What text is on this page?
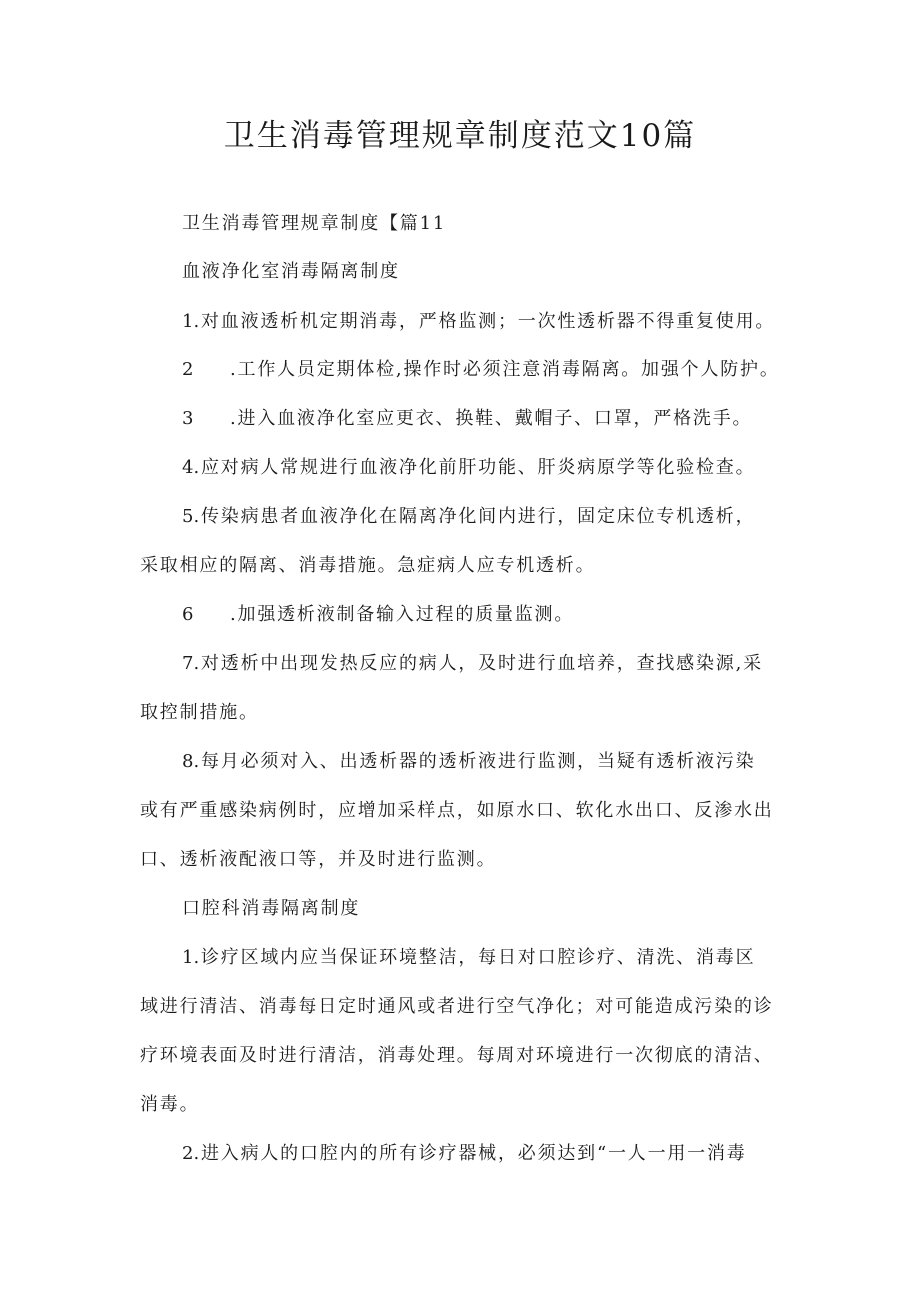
卫生消毒管理规章制度范文10篇
卫生消毒管理规章制度【篇11
血液净化室消毒隔离制度
1.对血液透析机定期消毒，严格监测；一次性透析器不得重复使用。
2 .工作人员定期体检,操作时必须注意消毒隔离。加强个人防护。
3 .进入血液净化室应更衣、换鞋、戴帽子、口罩，严格洗手。
4.应对病人常规进行血液净化前肝功能、肝炎病原学等化验检查。
5.传染病患者血液净化在隔离净化间内进行，固定床位专机透析，
采取相应的隔离、消毒措施。急症病人应专机透析。
6 .加强透析液制备输入过程的质量监测。
7.对透析中出现发热反应的病人，及时进行血培养，查找感染源,采
取控制措施。
8.每月必须对入、出透析器的透析液进行监测，当疑有透析液污染
或有严重感染病例时，应增加采样点，如原水口、软化水出口、反渗水出
口、透析液配液口等，并及时进行监测。
口腔科消毒隔离制度
1.诊疗区域内应当保证环境整洁，每日对口腔诊疗、清洗、消毒区
域进行清洁、消毒每日定时通风或者进行空气净化；对可能造成污染的诊
疗环境表面及时进行清洁，消毒处理。每周对环境进行一次彻底的清洁、
消毒。
2.进入病人的口腔内的所有诊疗器械，必须达到“一人一用一消毒
